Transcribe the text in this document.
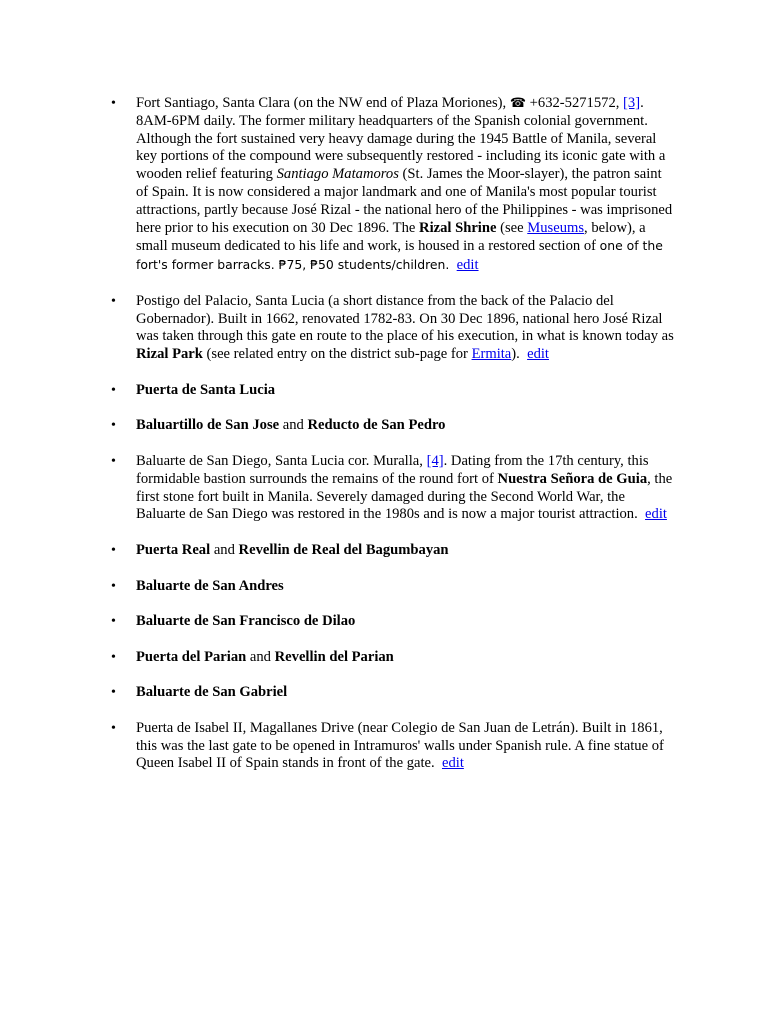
• Fort Santiago, Santa Clara (on the NW end of Plaza Moriones), ☎ +632-5271572, [3]. 8AM-6PM daily. The former military headquarters of the Spanish colonial government. Although the fort sustained very heavy damage during the 1945 Battle of Manila, several key portions of the compound were subsequently restored - including its iconic gate with a wooden relief featuring Santiago Matamoros (St. James the Moor-slayer), the patron saint of Spain. It is now considered a major landmark and one of Manila's most popular tourist attractions, partly because José Rizal - the national hero of the Philippines - was imprisoned here prior to his execution on 30 Dec 1896. The Rizal Shrine (see Museums, below), a small museum dedicated to his life and work, is housed in a restored section of one of the fort's former barracks. ₱75, ₱50 students/children. edit
• Postigo del Palacio, Santa Lucia (a short distance from the back of the Palacio del Gobernador). Built in 1662, renovated 1782-83. On 30 Dec 1896, national hero José Rizal was taken through this gate en route to the place of his execution, in what is known today as Rizal Park (see related entry on the district sub-page for Ermita). edit
• Puerta de Santa Lucia
• Baluartillo de San Jose and Reducto de San Pedro
• Baluarte de San Diego, Santa Lucia cor. Muralla, [4]. Dating from the 17th century, this formidable bastion surrounds the remains of the round fort of Nuestra Señora de Guia, the first stone fort built in Manila. Severely damaged during the Second World War, the Baluarte de San Diego was restored in the 1980s and is now a major tourist attraction. edit
• Puerta Real and Revellin de Real del Bagumbayan
• Baluarte de San Andres
• Baluarte de San Francisco de Dilao
• Puerta del Parian and Revellin del Parian
• Baluarte de San Gabriel
• Puerta de Isabel II, Magallanes Drive (near Colegio de San Juan de Letrán). Built in 1861, this was the last gate to be opened in Intramuros' walls under Spanish rule. A fine statue of Queen Isabel II of Spain stands in front of the gate. edit
